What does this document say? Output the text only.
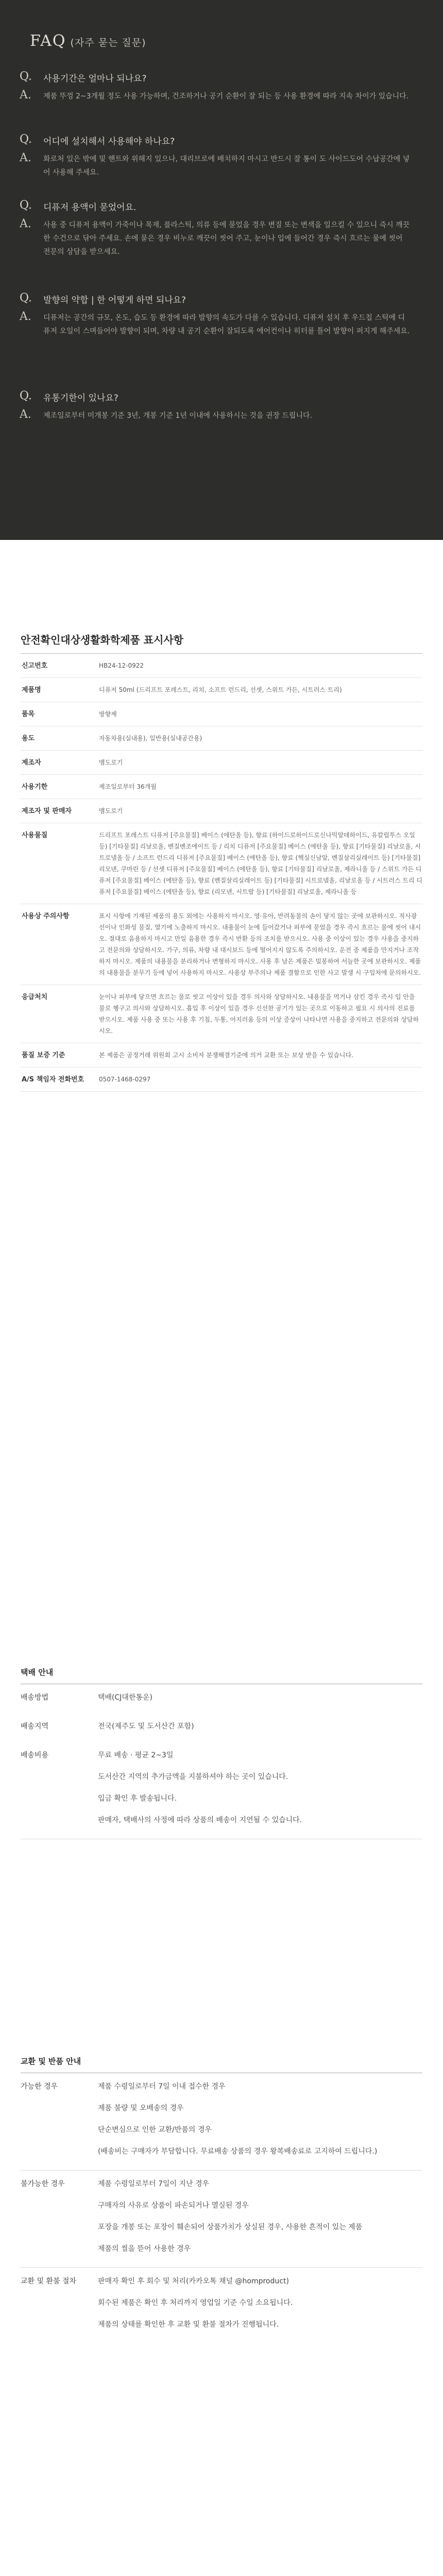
FAQ (자주 묻는 질문)
Q. 사용기간은 얼마나 되나요?
A. 제품 뚜껑 2~3개월 정도 사용 가능하며, 건조하거나 공기 순환이 잘 되는 등 사용 환경에 따라 지속 차이가 있습니다.
Q. 어디에 설치해서 사용해야 하나요?
A. 화로처 있은 밖에 및 핸트와 위해지 있으나, 대리브로에 배치하지 마시고 반드시 잘 통이 도 사이드도어 수납공간에 넣어 사용해 주세요.
Q. 디퓨저 용액이 묻었어요.
A. 사용 중 디퓨저 용액이 가죽이나 목재, 플라스틱, 의류 등에 묻었을 경우 변질 또는 변색을 일으킬 수 있으니 즉시 깨끗한 수건으로 닦아 주세요. 손에 묻은 경우 비누로 깨끗이 씻어 주고, 눈이나 입에 들어간 경우 즉시 흐르는 물에 씻어 전문의 상담을 받으세요.
Q. 발향의 약합 | 한 어떻게 하면 되나요?
A. 디퓨저는 공간의 규모, 온도, 습도 등 환경에 따라 발향의 속도가 다를 수 있습니다. 디퓨저 설치 후 우드칩 스틱에 디퓨저 오일이 스며들어야 발향이 되며, 차량 내 공기 순환이 잘되도록 에어컨이나 히터를 틀어 발향이 퍼지게 해주세요.
Q. 유통기한이 있나요?
A. 제조일로부터 미개봉 기준 3년, 개봉 기준 1년 이내에 사용하시는 것을 권장 드립니다.
안전확인대상생활화학제품 표시사항
신고번호	HB24-12-0922
제품명	디퓨저 50ml (드리프트 포레스트, 리치, 소프트 런드리, 선셋, 스위트 가든, 시트러스 트리)
품목	방향제
용도	자동차용(실내용), 일반용(실내공간용)
제조자	맴도로기
사용기한	제조일로부터 36개월
제조자 및 판매자	맴도로기
사용물질	드리프트 포레스트 디퓨저 [주요물질] 베이스 (에탄올 등), 향료 (하이드로하이드로신나믹알데하이드, 유칼립투스 오일 등) [기타물질] 리날로올, 벤질벤조에이트 등 / 리치 디퓨저 [주요물질] 베이스 (에탄올 등), 향료 [기타물질] 리날로올, 시트로넬올 등 / 소프트 런드리 디퓨저 [주요물질] 베이스 (에탄올 등), 향료 (헥실신남알, 벤질살리실레이트 등) [기타물질] 리모넨, 쿠마린 등 / 선셋 디퓨저 [주요물질] 베이스 (에탄올 등), 향료 [기타물질] 리날로올, 제라니올 등 / 스위트 가든 디퓨저 [주요물질] 베이스 (에탄올 등), 향료 (벤질살리실레이트 등) [기타물질] 시트로넬올, 리날로올 등 / 시트러스 트리 디퓨저 [주요물질] 베이스 (에탄올 등), 향료 (리모넨, 시트랄 등) [기타물질] 리날로올, 제라니올 등
사용상 주의사항	표시 사항에 기재된 제품의 용도 외에는 사용하지 마시오. 영·유아, 반려동물의 손이 닿지 않는 곳에 보관하시오. 직사광선이나 인화성 물질, 열기에 노출하지 마시오. 내용물이 눈에 들어갔거나 피부에 묻었을 경우 즉시 흐르는 물에 씻어 내시오. 절대로 음용하지 마시고 만일 음용한 경우 즉시 반환 등의 조치를 받으시오. 사용 중 이상이 있는 경우 사용을 중지하고 전문의와 상담하시오. 가구, 의류, 차량 내 대시보드 등에 떨어지지 않도록 주의하시오. 운전 중 제품을 만지거나 조작하지 마시오. 제품의 내용물을 분리하거나 변형하지 마시오. 사용 후 남은 제품은 밀봉하여 서늘한 곳에 보관하시오. 제품의 내용물을 분무기 등에 넣어 사용하지 마시오. 사용상 부주의나 제품 결함으로 인한 사고 발생 시 구입처에 문의하시오.
응급처치	눈이나 피부에 닿으면 흐르는 물로 씻고 이상이 있을 경우 의사와 상담하시오. 내용물을 먹거나 삼킨 경우 즉시 입 안을 물로 헹구고 의사와 상담하시오. 흡입 후 이상이 있을 경우 신선한 공기가 있는 곳으로 이동하고 필요 시 의사의 진료를 받으시오. 제품 사용 중 또는 사용 후 기침, 두통, 어지러움 등의 이상 증상이 나타나면 사용을 중지하고 전문의와 상담하시오.
품질 보증 기준	본 제품은 공정거래 위원회 고시 소비자 분쟁해결기준에 의거 교환 또는 보상 받을 수 있습니다.
A/S 책임자 전화번호	0507-1468-0297
택배 안내
배송방법	택배(CJ대한통운)
배송지역	전국(제주도 및 도서산간 포함)
배송비용	무료 배송 · 평균 2~3일
도서산간 지역의 추가금액을 지불하셔야 하는 곳이 있습니다.
입금 확인 후 발송됩니다.
판매자, 택배사의 사정에 따라 상품의 배송이 지연될 수 있습니다.
교환 및 반품 안내
가능한 경우	제품 수령일로부터 7일 이내 접수한 경우
제품 불량 및 오배송의 경우
단순변심으로 인한 교환/반품의 경우
(배송비는 구매자가 부담합니다. 무료배송 상품의 경우 왕복배송료로 고지하여 드립니다.)
불가능한 경우	제품 수령일로부터 7일이 지난 경우
구매자의 사유로 상품이 파손되거나 멸실된 경우
포장을 개봉 또는 포장이 훼손되어 상품가치가 상실된 경우, 사용한 흔적이 있는 제품
제품의 씰을 뜯어 사용한 경우
교환 및 환불 절차	판매자 확인 후 회수 및 처리(카카오톡 채널 @homproduct)
회수된 제품은 확인 후 처리까지 영업일 기준 수일 소요됩니다.
제품의 상태를 확인한 후 교환 및 환불 절차가 진행됩니다.
